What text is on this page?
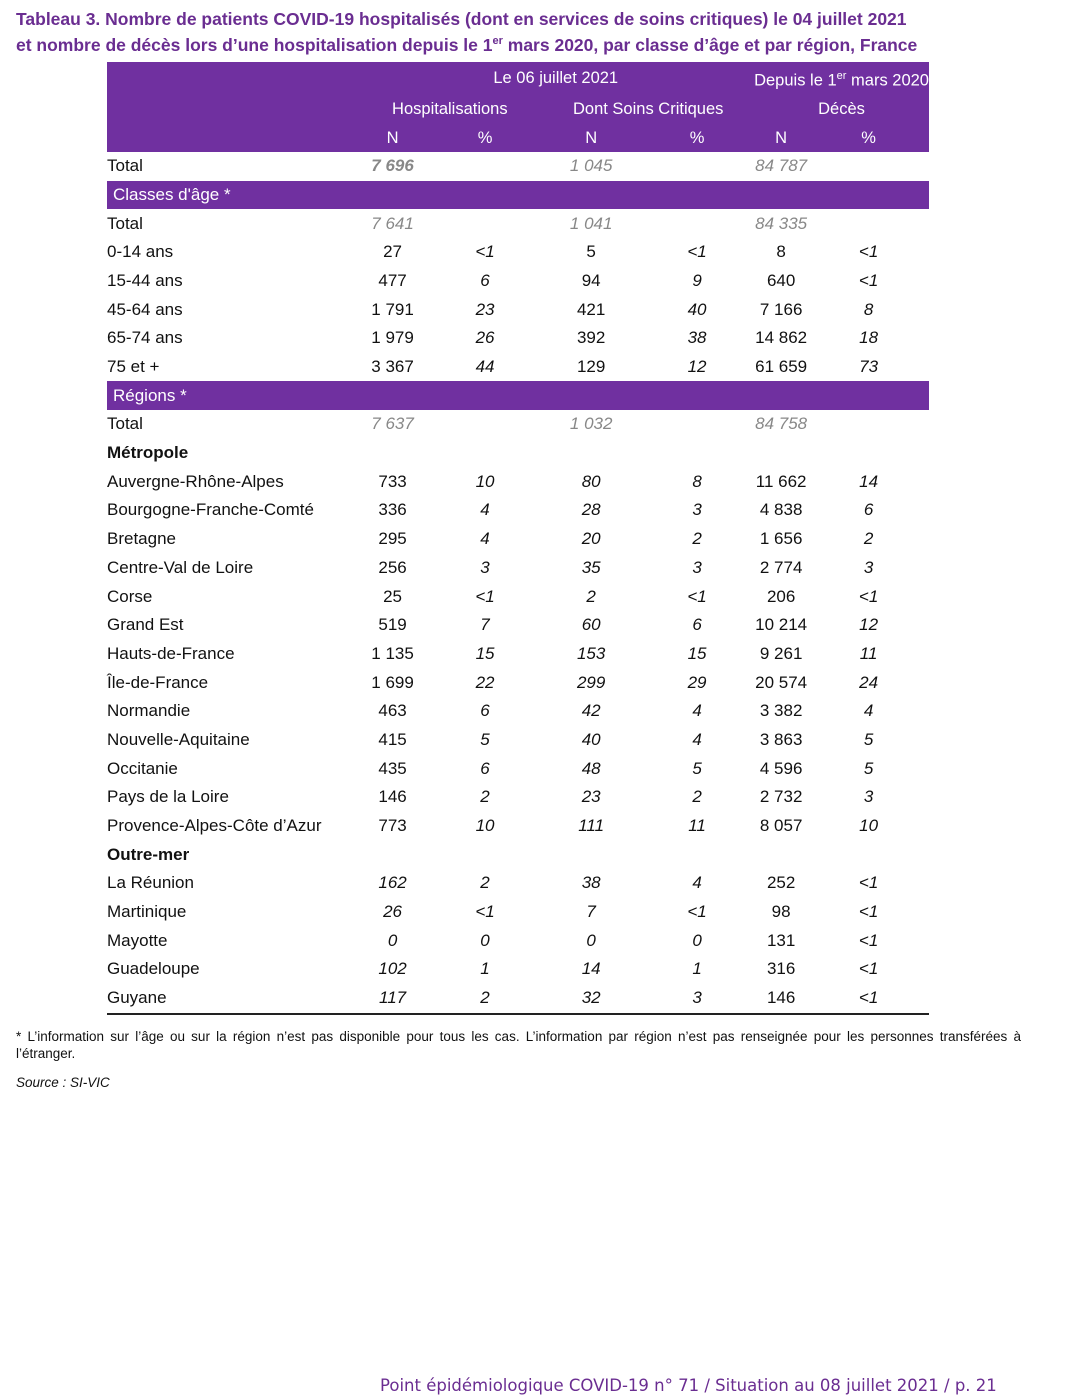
Tableau 3. Nombre de patients COVID-19 hospitalisés (dont en services de soins critiques) le 04 juillet 2021
et nombre de décès lors d’une hospitalisation depuis le 1er mars 2020, par classe d’âge et par région, France
	Le 06 juillet 2021				Depuis le 1er mars 2020	
	Hospitalisations		Dont Soins Critiques		Décès	
	N	%	N	%	N	%
Total	7 696		1 045		84 787	
Classes d'âge *						
Total	7 641		1 041		84 335	
0-14 ans	27	<1	5	<1	8	<1
15-44 ans	477	6	94	9	640	<1
45-64 ans	1 791	23	421	40	7 166	8
65-74 ans	1 979	26	392	38	14 862	18
75 et +	3 367	44	129	12	61 659	73
Régions *						
Total	7 637		1 032		84 758	
Métropole						
Auvergne-Rhône-Alpes	733	10	80	8	11 662	14
Bourgogne-Franche-Comté	336	4	28	3	4 838	6
Bretagne	295	4	20	2	1 656	2
Centre-Val de Loire	256	3	35	3	2 774	3
Corse	25	<1	2	<1	206	<1
Grand Est	519	7	60	6	10 214	12
Hauts-de-France	1 135	15	153	15	9 261	11
Île-de-France	1 699	22	299	29	20 574	24
Normandie	463	6	42	4	3 382	4
Nouvelle-Aquitaine	415	5	40	4	3 863	5
Occitanie	435	6	48	5	4 596	5
Pays de la Loire	146	2	23	2	2 732	3
Provence-Alpes-Côte d’Azur	773	10	111	11	8 057	10
Outre-mer						
La Réunion	162	2	38	4	252	<1
Martinique	26	<1	7	<1	98	<1
Mayotte	0	0	0	0	131	<1
Guadeloupe	102	1	14	1	316	<1
Guyane	117	2	32	3	146	<1
* L’information sur l’âge ou sur la région n’est pas disponible pour tous les cas. L’information par région n’est pas renseignée pour les personnes transférées à l’étranger.
Source : SI-VIC
Point épidémiologique COVID-19 n° 71 / Situation au 08 juillet 2021 / p. 21
